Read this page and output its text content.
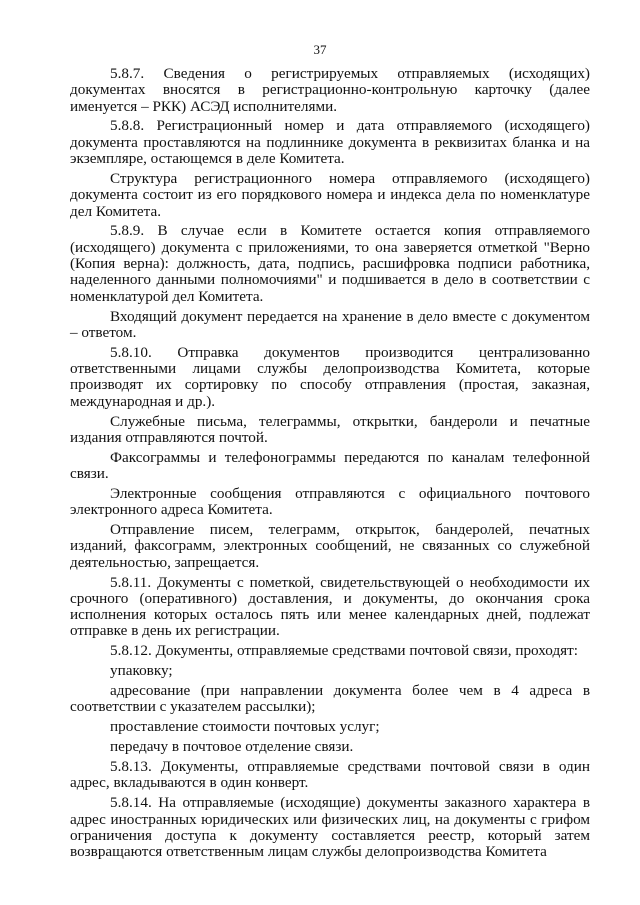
37

5.8.7. Сведения о регистрируемых отправляемых (исходящих) документах вносятся в регистрационно-контрольную карточку (далее именуется – РКК) АСЭД исполнителями.

5.8.8. Регистрационный номер и дата отправляемого (исходящего) документа проставляются на подлиннике документа в реквизитах бланка и на экземпляре, остающемся в деле Комитета.

Структура регистрационного номера отправляемого (исходящего) документа состоит из его порядкового номера и индекса дела по номенклатуре дел Комитета.

5.8.9. В случае если в Комитете остается копия отправляемого (исходящего) документа с приложениями, то она заверяется отметкой "Верно (Копия верна): должность, дата, подпись, расшифровка подписи работника, наделенного данными полномочиями" и подшивается в дело в соответствии с номенклатурой дел Комитета.

Входящий документ передается на хранение в дело вместе с документом – ответом.

5.8.10. Отправка документов производится централизованно ответственными лицами службы делопроизводства Комитета, которые производят их сортировку по способу отправления (простая, заказная, международная и др.).

Служебные письма, телеграммы, открытки, бандероли и печатные издания отправляются почтой.

Факсограммы и телефонограммы передаются по каналам телефонной связи.

Электронные сообщения отправляются с официального почтового электронного адреса Комитета.

Отправление писем, телеграмм, открыток, бандеролей, печатных изданий, факсограмм, электронных сообщений, не связанных со служебной деятельностью, запрещается.

5.8.11. Документы с пометкой, свидетельствующей о необходимости их срочного (оперативного) доставления, и документы, до окончания срока исполнения которых осталось пять или менее календарных дней, подлежат отправке в день их регистрации.

5.8.12. Документы, отправляемые средствами почтовой связи, проходят:

упаковку;

адресование (при направлении документа более чем в 4 адреса в соответствии с указателем рассылки);

проставление стоимости почтовых услуг;

передачу в почтовое отделение связи.

5.8.13. Документы, отправляемые средствами почтовой связи в один адрес, вкладываются в один конверт.

5.8.14. На отправляемые (исходящие) документы заказного характера в адрес иностранных юридических или физических лиц, на документы с грифом ограничения доступа к документу составляется реестр, который затем возвращаются ответственным лицам службы делопроизводства Комитета
